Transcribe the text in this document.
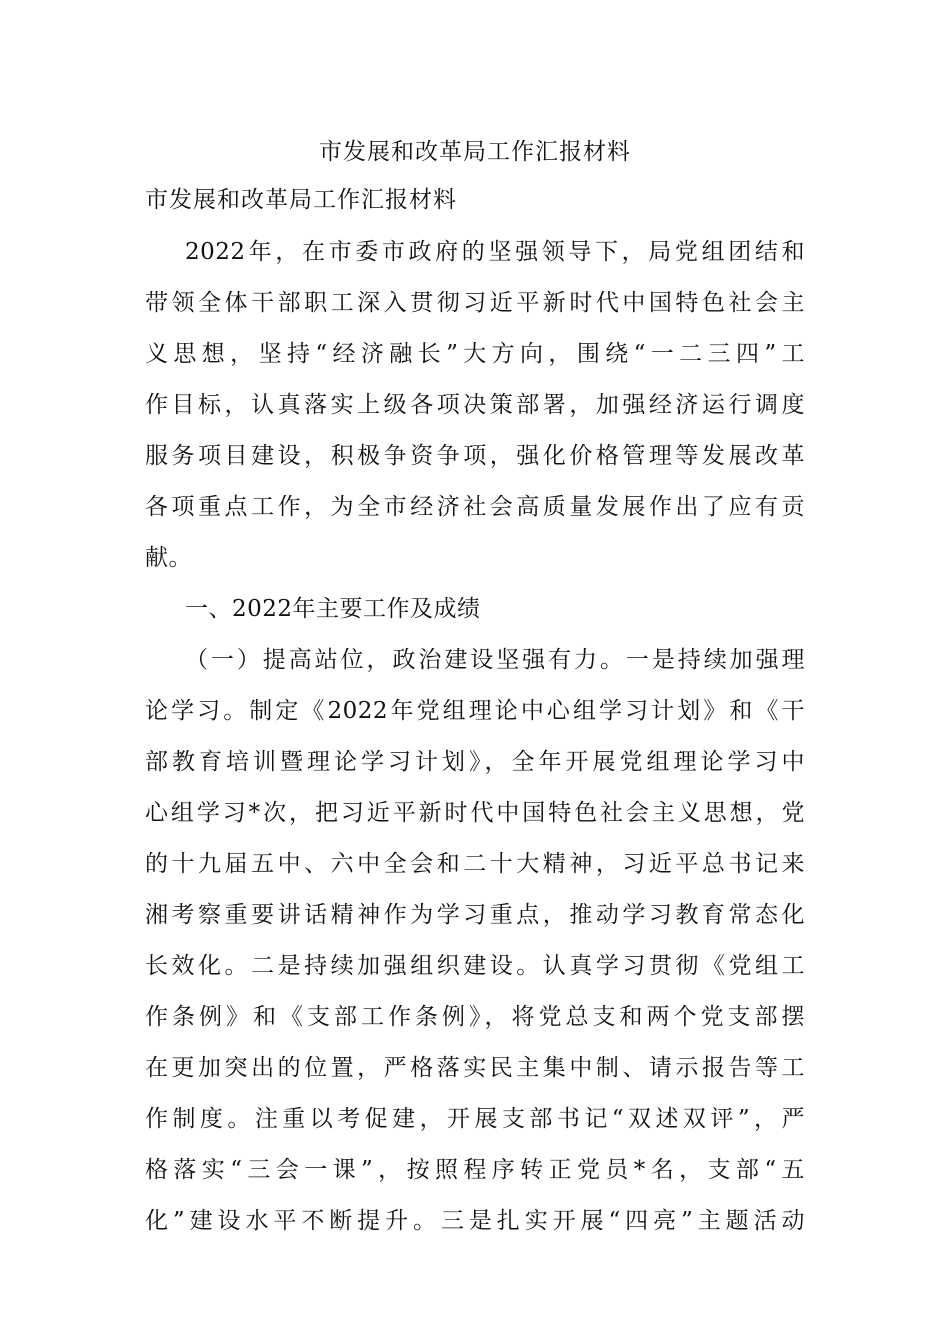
市发展和改革局工作汇报材料
市发展和改革局工作汇报材料
2022年，在市委市政府的坚强领导下，局党组团结和
带领全体干部职工深入贯彻习近平新时代中国特色社会主
义思想，坚持“经济融长”大方向，围绕“一二三四”工
作目标，认真落实上级各项决策部署，加强经济运行调度
服务项目建设，积极争资争项，强化价格管理等发展改革
各项重点工作，为全市经济社会高质量发展作出了应有贡
献。
一、2022年主要工作及成绩
（一）提高站位，政治建设坚强有力。一是持续加强理
论学习。制定《2022年党组理论中心组学习计划》和《干
部教育培训暨理论学习计划》，全年开展党组理论学习中
心组学习*次，把习近平新时代中国特色社会主义思想，党
的十九届五中、六中全会和二十大精神，习近平总书记来
湘考察重要讲话精神作为学习重点，推动学习教育常态化
长效化。二是持续加强组织建设。认真学习贯彻《党组工
作条例》和《支部工作条例》，将党总支和两个党支部摆
在更加突出的位置，严格落实民主集中制、请示报告等工
作制度。注重以考促建，开展支部书记“双述双评”，严
格落实“三会一课”，按照程序转正党员*名，支部“五
化”建设水平不断提升。三是扎实开展“四亮”主题活动
